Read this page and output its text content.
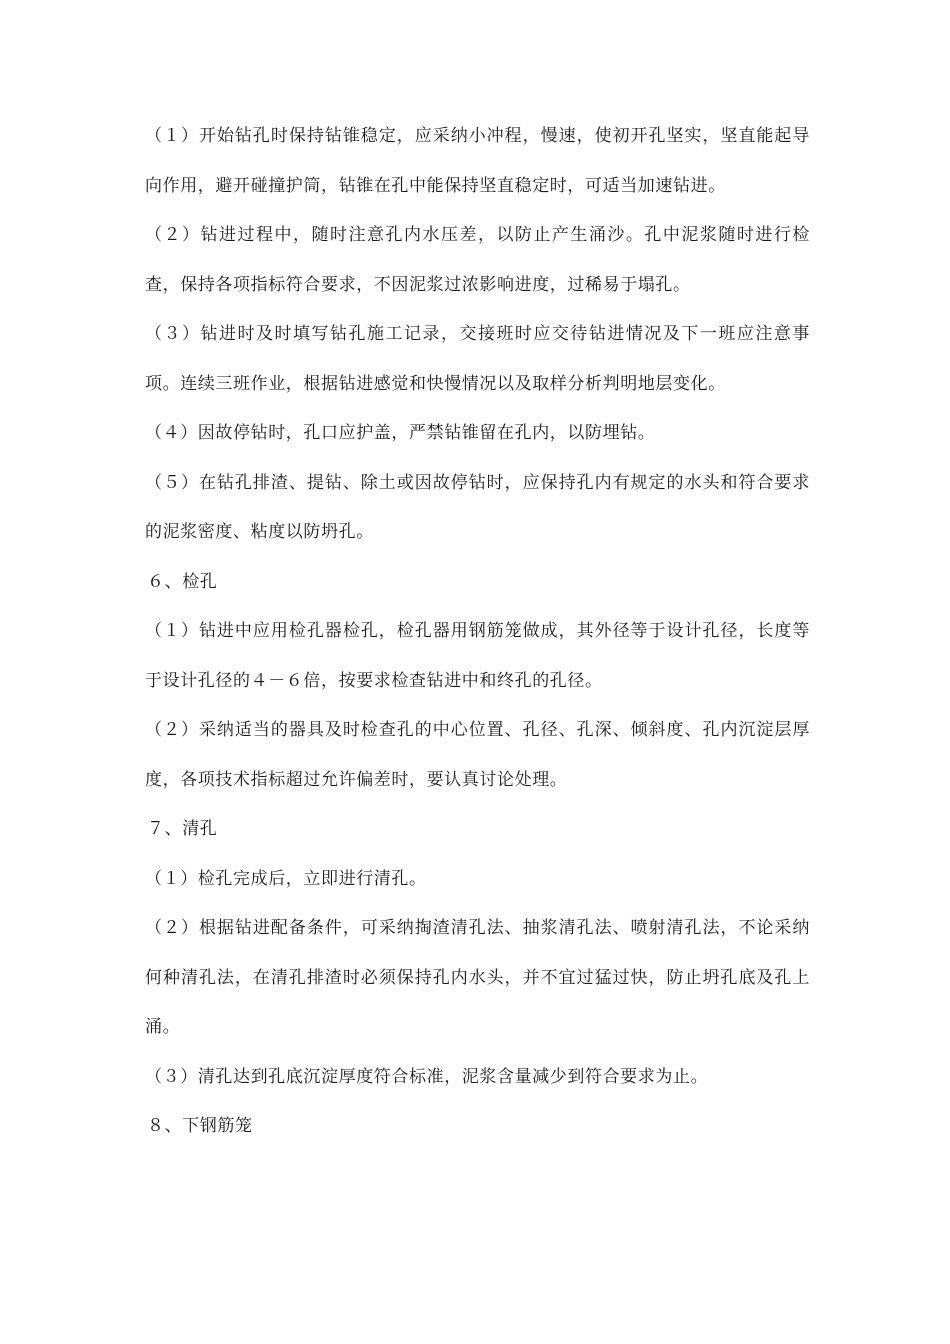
（１）开始钻孔时保持钻锥稳定，应采纳小冲程，慢速，使初开孔坚实，坚直能起导向作用，避开碰撞护筒，钻锥在孔中能保持坚直稳定时，可适当加速钻进。

（２）钻进过程中，随时注意孔内水压差，以防止产生涌沙。孔中泥浆随时进行检查，保持各项指标符合要求，不因泥浆过浓影响进度，过稀易于塌孔。

（３）钻进时及时填写钻孔施工记录，交接班时应交待钻进情况及下一班应注意事项。连续三班作业，根据钻进感觉和快慢情况以及取样分析判明地层变化。

（４）因故停钻时，孔口应护盖，严禁钻锥留在孔内，以防埋钻。

（５）在钻孔排渣、提钻、除土或因故停钻时，应保持孔内有规定的水头和符合要求的泥浆密度、粘度以防坍孔。

６、检孔

（１）钻进中应用检孔器检孔，检孔器用钢筋笼做成，其外径等于设计孔径，长度等于设计孔径的４－６倍，按要求检查钻进中和终孔的孔径。

（２）采纳适当的器具及时检查孔的中心位置、孔径、孔深、倾斜度、孔内沉淀层厚度，各项技术指标超过允许偏差时，要认真讨论处理。

７、清孔

（１）检孔完成后，立即进行清孔。

（２）根据钻进配备条件，可采纳掏渣清孔法、抽浆清孔法、喷射清孔法，不论采纳何种清孔法，在清孔排渣时必须保持孔内水头，并不宜过猛过快，防止坍孔底及孔上涌。

（３）清孔达到孔底沉淀厚度符合标准，泥浆含量减少到符合要求为止。

８、下钢筋笼
